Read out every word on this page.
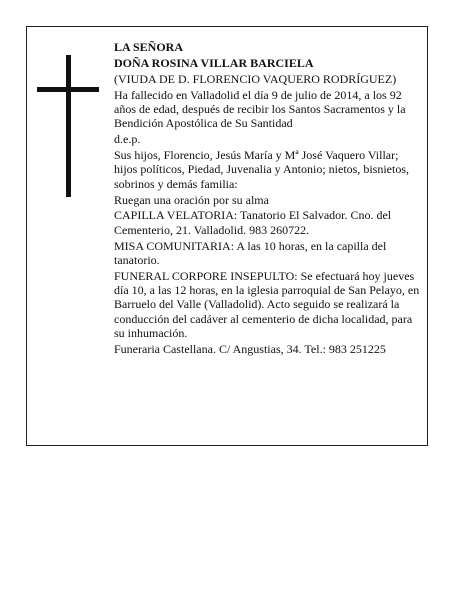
LA SEÑORA

DOÑA ROSINA VILLAR BARCIELA

(VIUDA DE D. FLORENCIO VAQUERO RODRÍGUEZ)

Ha fallecido en Valladolid el día 9 de julio de 2014, a los 92 años de edad, después de recibir los Santos Sacramentos y la Bendición Apostólica de Su Santidad

d.e.p.

Sus hijos, Florencio, Jesús María y Mª José Vaquero Villar; hijos políticos, Piedad, Juvenalia y Antonio; nietos, bisnietos, sobrinos y demás familia:

Ruegan una oración por su alma

CAPILLA VELATORIA: Tanatorio El Salvador. Cno. del Cementerio, 21. Valladolid. 983 260722.

MISA COMUNITARIA: A las 10 horas, en la capilla del tanatorio.

FUNERAL CORPORE INSEPULTO: Se efectuará hoy jueves día 10, a las 12 horas, en la iglesia parroquial de San Pelayo, en Barruelo del Valle (Valladolid). Acto seguido se realizará la conducción del cadáver al cementerio de dicha localidad, para su inhumación.

Funeraria Castellana. C/ Angustias, 34. Tel.: 983 251225
